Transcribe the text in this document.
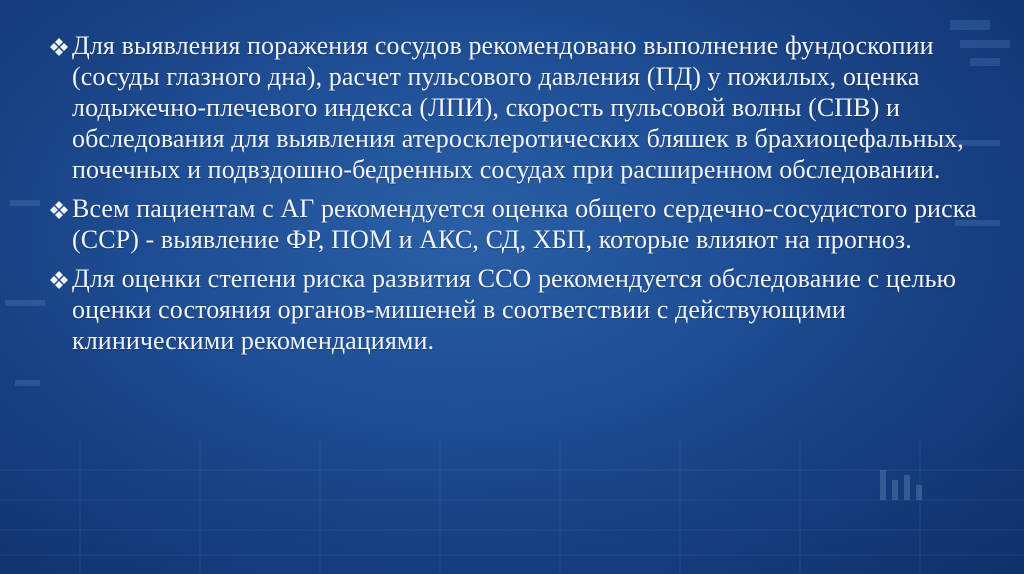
Для выявления поражения сосудов рекомендовано выполнение фундоскопии (сосуды глазного дна), расчет пульсового давления (ПД) у пожилых, оценка лодыжечно-плечевого индекса (ЛПИ), скорость пульсовой волны (СПВ) и обследования для выявления атеросклеротических бляшек в брахиоцефальных, почечных и подвздошно-бедренных сосудах при расширенном обследовании.
Всем пациентам с АГ рекомендуется оценка общего сердечно-сосудистого риска (ССР) - выявление ФР, ПОМ и АКС, СД, ХБП, которые влияют на прогноз.
Для оценки степени риска развития ССО рекомендуется обследование с целью оценки состояния органов-мишеней в соответствии с действующими клиническими рекомендациями.
